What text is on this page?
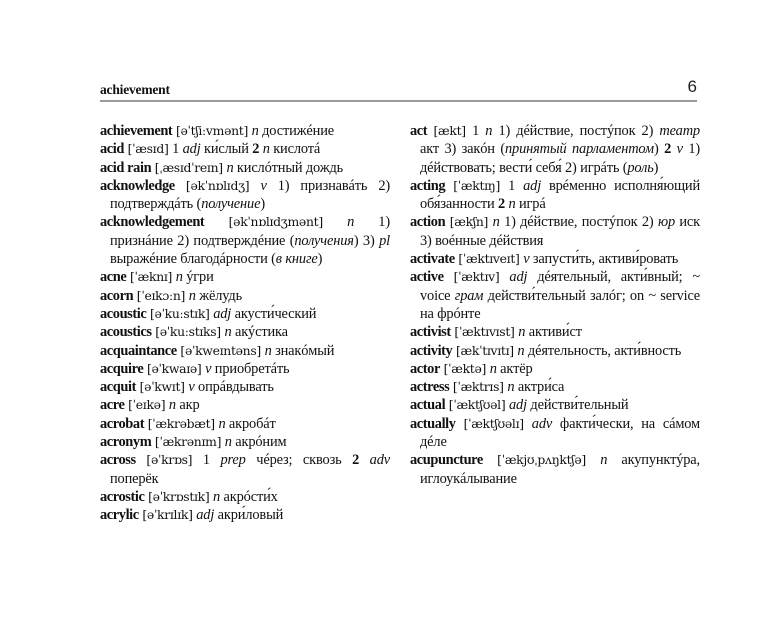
achievement	6

achievement [əˈtʃiːvmənt] n достижéние

acid [ˈæsɪd] 1 adj ки́слый 2 n кислотá

acid rain [ˌæsɪdˈreɪn] n кислóтный дождь

acknowledge [əkˈnɒlɪdʒ] v 1) признавáть 2) подтверждáть (получение)

acknowledgement [əkˈnɒlɪdʒmənt] n 1) признáние 2) подтверждéние (получения) 3) pl выражéние благодáрности (в книге)

acne [ˈæknɪ] n ýгри

acorn [ˈeɪkɔːn] n жёлудь

acoustic [əˈkuːstɪk] adj акусти́ческий

acoustics [əˈkuːstɪks] n акýстика

acquaintance [əˈkweɪntəns] n знакóмый

acquire [əˈkwaɪə] v приобретáть

acquit [əˈkwɪt] v опрáвдывать

acre [ˈeɪkə] n акр

acrobat [ˈækrəbæt] n акробáт

acronym [ˈækrənɪm] n акрóним

across [əˈkrɒs] 1 prep чéрез; сквозь 2 adv поперёк

acrostic [əˈkrɒstɪk] n акрóсти́х

acrylic [əˈkrɪlɪk] adj акри́ловый

act [ækt] 1 n 1) дéйствие, постýпок 2) театр акт 3) закóн (принятый парламентом) 2 v 1) дéйствовать; вести́ себя́ 2) игрáть (роль)

acting [ˈæktɪŋ] 1 adj врéменно исполня́ющий обя́занности 2 n игрá

action [ækʃn] n 1) дéйствие, постýпок 2) юр иск 3) воéнные дéйствия

activate [ˈæktɪveɪt] v запусти́ть, активи́ровать

active [ˈæktɪv] adj дéятельный, акти́вный; ~ voice грам действи́тельный залóг; on ~ service на фрóнте

activist [ˈæktɪvɪst] n активи́ст

activity [ækˈtɪvɪtɪ] n дéятельность, акти́вность

actor [ˈæktə] n актёр

actress [ˈæktrɪs] n актри́са

actual [ˈæktʃʊəl] adj действи́тельный

actually [ˈæktʃʊəlɪ] adv факти́чески, на сáмом дéле

acupuncture [ˈækjʊˌpʌŋktʃə] n акупунктýра, иглоукáлывание
